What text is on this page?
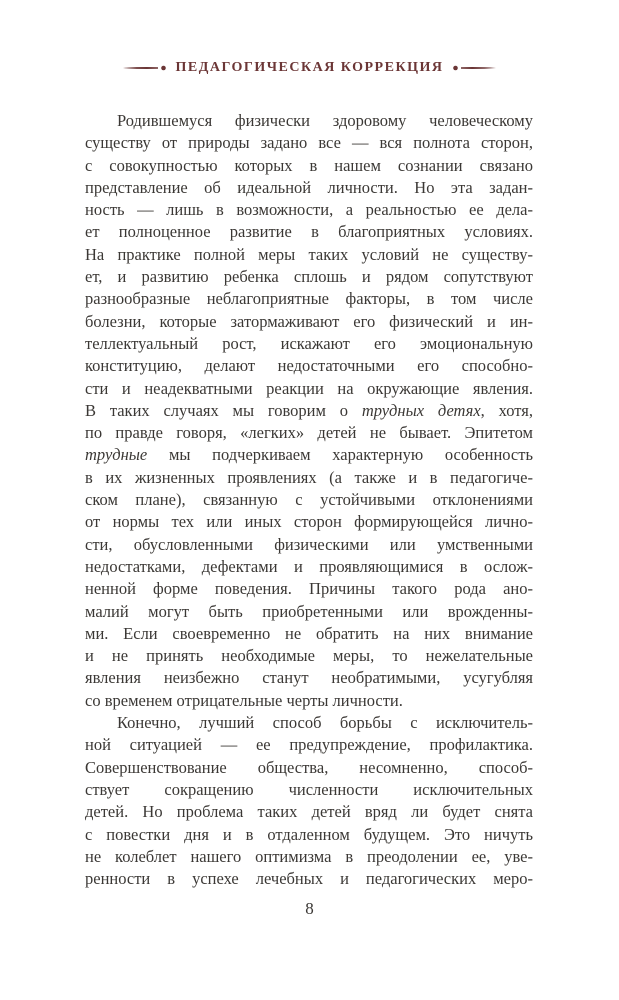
ПЕДАГОГИЧЕСКАЯ КОРРЕКЦИЯ
Родившемуся физически здоровому человеческому
существу от природы задано все — вся полнота сторон,
с совокупностью которых в нашем сознании связано
представление об идеальной личности. Но эта задан-
ность — лишь в возможности, а реальностью ее дела-
ет полноценное развитие в благоприятных условиях.
На практике полной меры таких условий не существу-
ет, и развитию ребенка сплошь и рядом сопутствуют
разнообразные неблагоприятные факторы, в том числе
болезни, которые затормаживают его физический и ин-
теллектуальный рост, искажают его эмоциональную
конституцию, делают недостаточными его способно-
сти и неадекватными реакции на окружающие явления.
В таких случаях мы говорим о трудных детях, хотя,
по правде говоря, «легких» детей не бывает. Эпитетом
трудные мы подчеркиваем характерную особенность
в их жизненных проявлениях (а также и в педагогиче-
ском плане), связанную с устойчивыми отклонениями
от нормы тех или иных сторон формирующейся лично-
сти, обусловленными физическими или умственными
недостатками, дефектами и проявляющимися в ослож-
ненной форме поведения. Причины такого рода ано-
малий могут быть приобретенными или врожденны-
ми. Если своевременно не обратить на них внимание
и не принять необходимые меры, то нежелательные
явления неизбежно станут необратимыми, усугубляя
со временем отрицательные черты личности.
Конечно, лучший способ борьбы с исключитель-
ной ситуацией — ее предупреждение, профилактика.
Совершенствование общества, несомненно, способ-
ствует сокращению численности исключительных
детей. Но проблема таких детей вряд ли будет снята
с повестки дня и в отдаленном будущем. Это ничуть
не колеблет нашего оптимизма в преодолении ее, уве-
ренности в успехе лечебных и педагогических меро-
8
